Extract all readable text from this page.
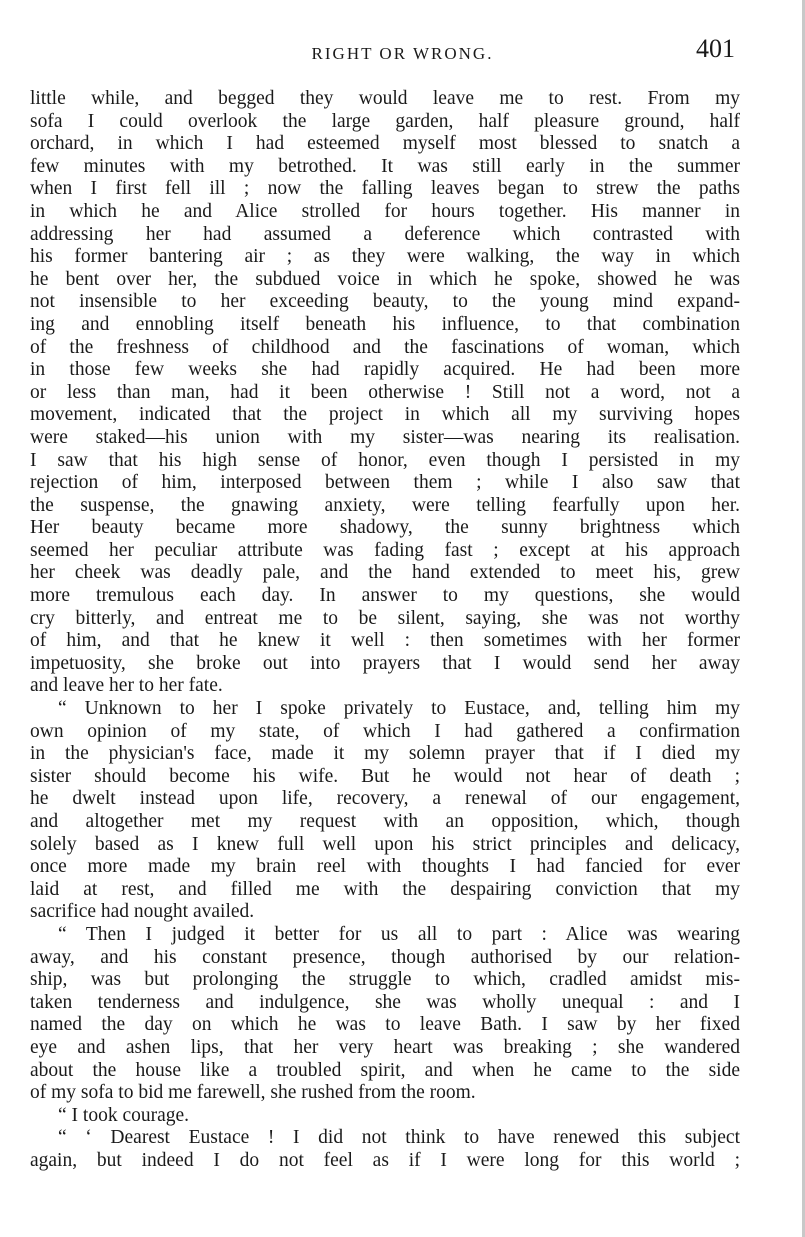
RIGHT OR WRONG.	401
little while, and begged they would leave me to rest. From my
sofa I could overlook the large garden, half pleasure ground, half
orchard, in which I had esteemed myself most blessed to snatch a
few minutes with my betrothed. It was still early in the summer
when I first fell ill ; now the falling leaves began to strew the paths
in which he and Alice strolled for hours together. His manner in
addressing her had assumed a deference which contrasted with
his former bantering air ; as they were walking, the way in which
he bent over her, the subdued voice in which he spoke, showed he was
not insensible to her exceeding beauty, to the young mind expand-
ing and ennobling itself beneath his influence, to that combination
of the freshness of childhood and the fascinations of woman, which
in those few weeks she had rapidly acquired. He had been more
or less than man, had it been otherwise ! Still not a word, not a
movement, indicated that the project in which all my surviving hopes
were staked—his union with my sister—was nearing its realisation.
I saw that his high sense of honor, even though I persisted in my
rejection of him, interposed between them ; while I also saw that
the suspense, the gnawing anxiety, were telling fearfully upon her.
Her beauty became more shadowy, the sunny brightness which
seemed her peculiar attribute was fading fast ; except at his approach
her cheek was deadly pale, and the hand extended to meet his, grew
more tremulous each day. In answer to my questions, she would
cry bitterly, and entreat me to be silent, saying, she was not worthy
of him, and that he knew it well : then sometimes with her former
impetuosity, she broke out into prayers that I would send her away
and leave her to her fate.
“ Unknown to her I spoke privately to Eustace, and, telling him my
own opinion of my state, of which I had gathered a confirmation
in the physician's face, made it my solemn prayer that if I died my
sister should become his wife. But he would not hear of death ;
he dwelt instead upon life, recovery, a renewal of our engagement,
and altogether met my request with an opposition, which, though
solely based as I knew full well upon his strict principles and delicacy,
once more made my brain reel with thoughts I had fancied for ever
laid at rest, and filled me with the despairing conviction that my
sacrifice had nought availed.
“ Then I judged it better for us all to part : Alice was wearing
away, and his constant presence, though authorised by our relation-
ship, was but prolonging the struggle to which, cradled amidst mis-
taken tenderness and indulgence, she was wholly unequal : and I
named the day on which he was to leave Bath. I saw by her fixed
eye and ashen lips, that her very heart was breaking ; she wandered
about the house like a troubled spirit, and when he came to the side
of my sofa to bid me farewell, she rushed from the room.
“ I took courage.
“ ‘ Dearest Eustace ! I did not think to have renewed this subject
again, but indeed I do not feel as if I were long for this world ;
